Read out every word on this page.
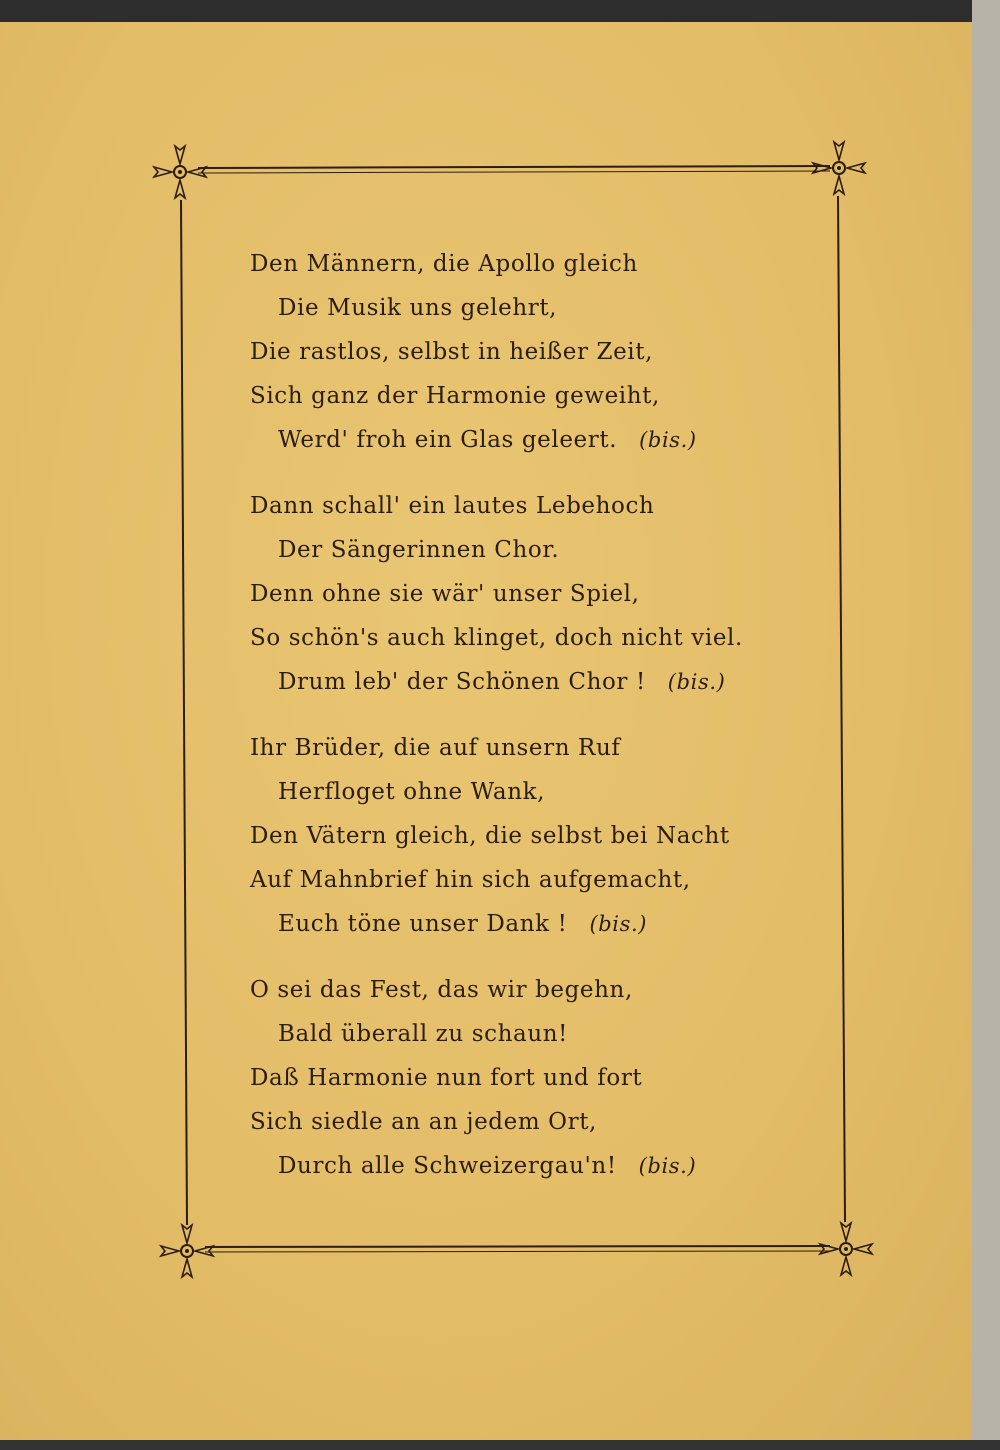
Den Männern, die Apollo gleich
Die Musik uns gelehrt,
Die rastlos, selbst in heißer Zeit,
Sich ganz der Harmonie geweiht,
Werd' froh ein Glas geleert. (bis.)
Dann schall' ein lautes Lebehoch
Der Sängerinnen Chor.
Denn ohne sie wär' unser Spiel,
So schön's auch klinget, doch nicht viel.
Drum leb' der Schönen Chor ! (bis.)
Ihr Brüder, die auf unsern Ruf
Herfloget ohne Wank,
Den Vätern gleich, die selbst bei Nacht
Auf Mahnbrief hin sich aufgemacht,
Euch töne unser Dank ! (bis.)
O sei das Fest, das wir begehn,
Bald überall zu schaun!
Daß Harmonie nun fort und fort
Sich siedle an an jedem Ort,
Durch alle Schweizergau'n! (bis.)
